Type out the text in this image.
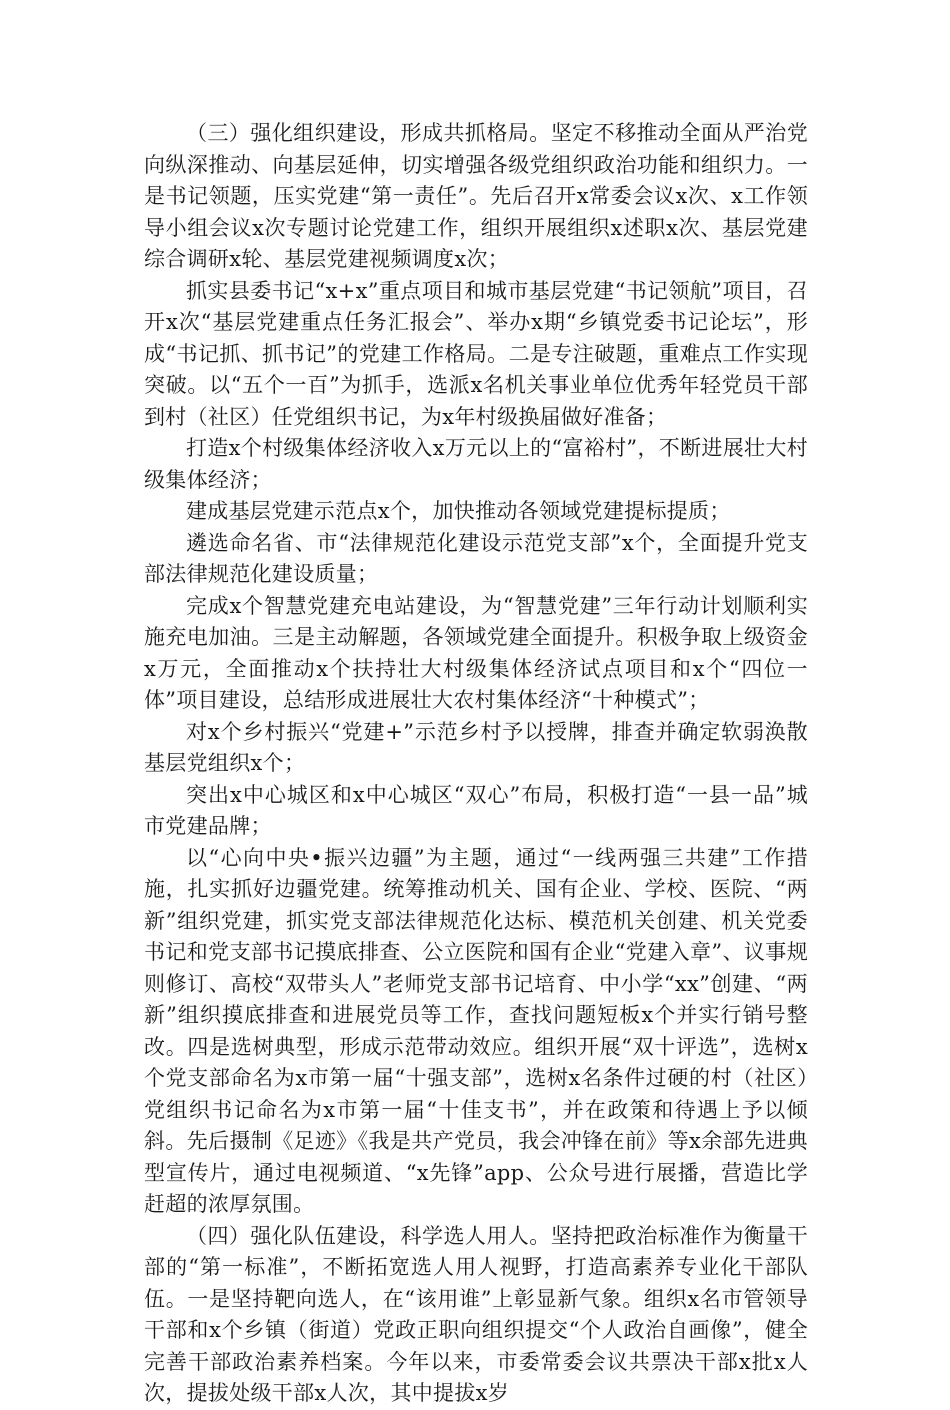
（三）强化组织建设，形成共抓格局。坚定不移推动全面从严治党向纵深推动、向基层延伸，切实增强各级党组织政治功能和组织力。一是书记领题，压实党建“第一责任”。先后召开x常委会议x次、x工作领导小组会议x次专题讨论党建工作，组织开展组织x述职x次、基层党建综合调研x轮、基层党建视频调度x次；

抓实县委书记“x+x”重点项目和城市基层党建“书记领航”项目，召开x次“基层党建重点任务汇报会”、举办x期“乡镇党委书记论坛”，形成“书记抓、抓书记”的党建工作格局。二是专注破题，重难点工作实现突破。以“五个一百”为抓手，选派x名机关事业单位优秀年轻党员干部到村（社区）任党组织书记，为x年村级换届做好准备；

打造x个村级集体经济收入x万元以上的“富裕村”，不断进展壮大村级集体经济；

建成基层党建示范点x个，加快推动各领域党建提标提质；

遴选命名省、市“法律规范化建设示范党支部”x个，全面提升党支部法律规范化建设质量；

完成x个智慧党建充电站建设，为“智慧党建”三年行动计划顺利实施充电加油。三是主动解题，各领域党建全面提升。积极争取上级资金x万元，全面推动x个扶持壮大村级集体经济试点项目和x个“四位一体”项目建设，总结形成进展壮大农村集体经济“十种模式”；

对x个乡村振兴“党建+”示范乡村予以授牌，排查并确定软弱涣散基层党组织x个；

突出x中心城区和x中心城区“双心”布局，积极打造“一县一品”城市党建品牌；

以“心向中央•振兴边疆”为主题，通过“一线两强三共建”工作措施，扎实抓好边疆党建。统筹推动机关、国有企业、学校、医院、“两新”组织党建，抓实党支部法律规范化达标、模范机关创建、机关党委书记和党支部书记摸底排查、公立医院和国有企业“党建入章”、议事规则修订、高校“双带头人”老师党支部书记培育、中小学“xx”创建、“两新”组织摸底排查和进展党员等工作，查找问题短板x个并实行销号整改。四是选树典型，形成示范带动效应。组织开展“双十评选”，选树x个党支部命名为x市第一届“十强支部”，选树x名条件过硬的村（社区）党组织书记命名为x市第一届“十佳支书”，并在政策和待遇上予以倾斜。先后摄制《足迹》《我是共产党员，我会冲锋在前》等x余部先进典型宣传片，通过电视频道、“x先锋”app、公众号进行展播，营造比学赶超的浓厚氛围。

（四）强化队伍建设，科学选人用人。坚持把政治标准作为衡量干部的“第一标准”，不断拓宽选人用人视野，打造高素养专业化干部队伍。一是坚持靶向选人，在“该用谁”上彰显新气象。组织x名市管领导干部和x个乡镇（街道）党政正职向组织提交“个人政治自画像”，健全完善干部政治素养档案。今年以来，市委常委会议共票决干部x批x人次，提拔处级干部x人次，其中提拔x岁
